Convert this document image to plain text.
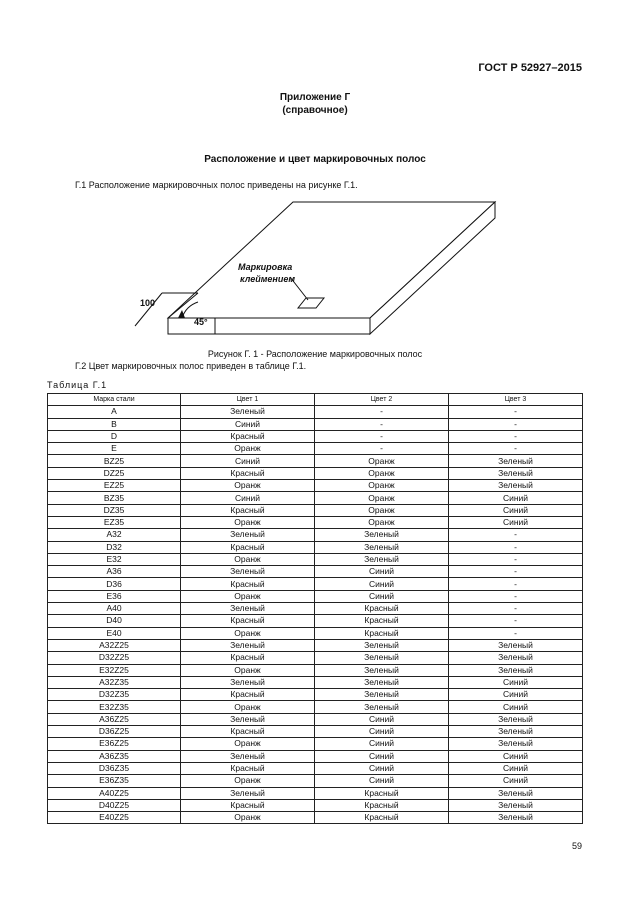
ГОСТ Р 52927–2015
Приложение Г
(справочное)
Расположение и цвет маркировочных полос
Г.1 Расположение маркировочных полос приведены на рисунке Г.1.
Маркировка
клеймением
100
45°
Рисунок Г. 1 - Расположение маркировочных полос
Г.2 Цвет маркировочных полос приведен в таблице Г.1.
Таблица Г.1
Марка стали	Цвет 1	Цвет 2	Цвет 3
A	Зеленый	-	-
B	Синий	-	-
D	Красный	-	-
E	Оранж	-	-
BZ25	Синий	Оранж	Зеленый
DZ25	Красный	Оранж	Зеленый
EZ25	Оранж	Оранж	Зеленый
BZ35	Синий	Оранж	Синий
DZ35	Красный	Оранж	Синий
EZ35	Оранж	Оранж	Синий
A32	Зеленый	Зеленый	-
D32	Красный	Зеленый	-
E32	Оранж	Зеленый	-
A36	Зеленый	Синий	-
D36	Красный	Синий	-
E36	Оранж	Синий	-
A40	Зеленый	Красный	-
D40	Красный	Красный	-
E40	Оранж	Красный	-
A32Z25	Зеленый	Зеленый	Зеленый
D32Z25	Красный	Зеленый	Зеленый
E32Z25	Оранж	Зеленый	Зеленый
A32Z35	Зеленый	Зеленый	Синий
D32Z35	Красный	Зеленый	Синий
E32Z35	Оранж	Зеленый	Синий
A36Z25	Зеленый	Синий	Зеленый
D36Z25	Красный	Синий	Зеленый
E36Z25	Оранж	Синий	Зеленый
A36Z35	Зеленый	Синий	Синий
D36Z35	Красный	Синий	Синий
E36Z35	Оранж	Синий	Синий
A40Z25	Зеленый	Красный	Зеленый
D40Z25	Красный	Красный	Зеленый
E40Z25	Оранж	Красный	Зеленый
59
